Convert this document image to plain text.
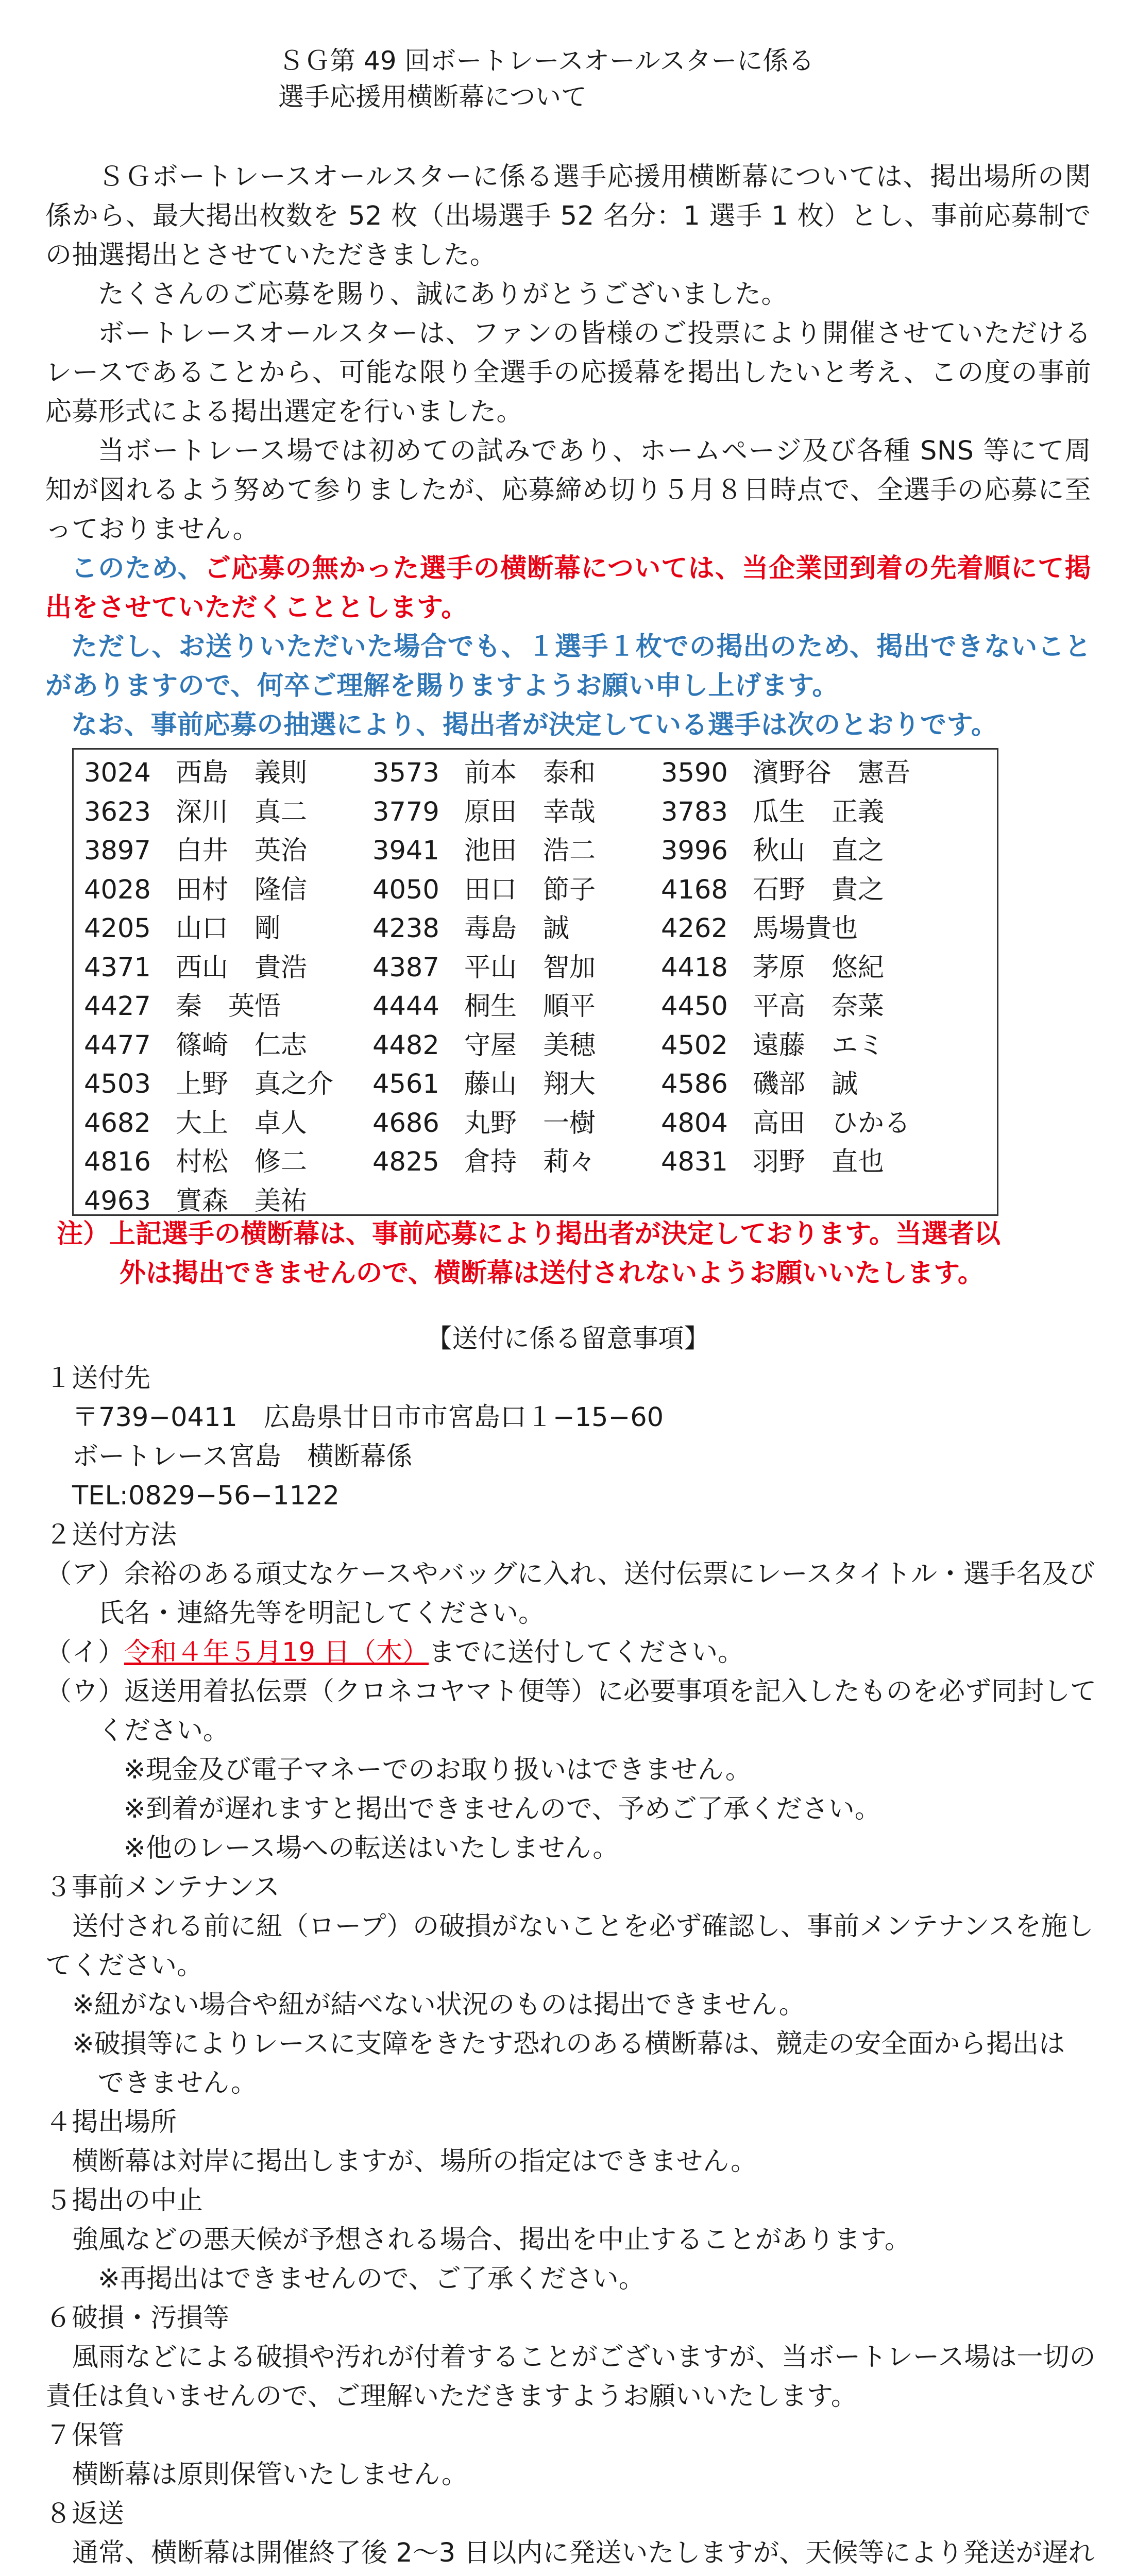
ＳＧ第 49 回ボートレースオールスターに係る
選手応援用横断幕について

ＳＧボートレースオールスターに係る選手応援用横断幕については、掲出場所の関係から、最大掲出枚数を 52 枚（出場選手 52 名分：1 選手 1 枚）とし、事前応募制での抽選掲出とさせていただきました。

たくさんのご応募を賜り、誠にありがとうございました。

ボートレースオールスターは、ファンの皆様のご投票により開催させていただけるレースであることから、可能な限り全選手の応援幕を掲出したいと考え、この度の事前応募形式による掲出選定を行いました。

当ボートレース場では初めての試みであり、ホームページ及び各種 SNS 等にて周知が図れるよう努めて参りましたが、応募締め切り５月８日時点で、全選手の応募に至っておりません。

このため、ご応募の無かった選手の横断幕については、当企業団到着の先着順にて掲出をさせていただくこととします。

ただし、お送りいただいた場合でも、１選手１枚での掲出のため、掲出できないことがありますので、何卒ご理解を賜りますようお願い申し上げます。

なお、事前応募の抽選により、掲出者が決定している選手は次のとおりです。

3024 西島　義則 3573 前本　泰和 3590 濱野谷　憲吾
3623 深川　真二 3779 原田　幸哉 3783 瓜生　正義
3897 白井　英治 3941 池田　浩二 3996 秋山　直之
4028 田村　隆信 4050 田口　節子 4168 石野　貴之
4205 山口　剛	4238 毒島　誠	4262 馬場貴也
4371 西山　貴浩 4387 平山　智加 4418 茅原　悠紀
4427 秦　英悟	4444 桐生　順平 4450 平高　奈菜
4477 篠崎　仁志 4482 守屋　美穂 4502 遠藤　エミ
4503 上野　真之介 4561 藤山　翔大 4586 磯部　誠
4682 大上　卓人 4686 丸野　一樹 4804 高田　ひかる
4816 村松　修二 4825 倉持　莉々 4831 羽野　直也
4963 實森　美祐
注）上記選手の横断幕は、事前応募により掲出者が決定しております。当選者以
外は掲出できませんので、横断幕は送付されないようお願いいたします。
【送付に係る留意事項】
１送付先
〒739−0411　広島県廿日市市宮島口１−15−60
ボートレース宮島　横断幕係
TEL:0829−56−1122
２送付方法
（ア）余裕のある頑丈なケースやバッグに入れ、送付伝票にレースタイトル・選手名及び
氏名・連絡先等を明記してください。
（イ）令和４年５月19 日（木）までに送付してください。
（ウ）返送用着払伝票（クロネコヤマト便等）に必要事項を記入したものを必ず同封して
ください。
※現金及び電子マネーでのお取り扱いはできません。
※到着が遅れますと掲出できませんので、予めご了承ください。
※他のレース場への転送はいたしません。
３事前メンテナンス
送付される前に紐（ロープ）の破損がないことを必ず確認し、事前メンテナンスを施し
てください。
※紐がない場合や紐が結べない状況のものは掲出できません。
※破損等によりレースに支障をきたす恐れのある横断幕は、競走の安全面から掲出は
できません。
４掲出場所
横断幕は対岸に掲出しますが、場所の指定はできません。
５掲出の中止
強風などの悪天候が予想される場合、掲出を中止することがあります。
※再掲出はできませんので、ご了承ください。
６破損・汚損等
風雨などによる破損や汚れが付着することがございますが、当ボートレース場は一切の
責任は負いませんので、ご理解いただきますようお願いいたします。
７保管
横断幕は原則保管いたしません。
８返送
通常、横断幕は開催終了後 2〜3 日以内に発送いたしますが、天候等により発送が遅れ
